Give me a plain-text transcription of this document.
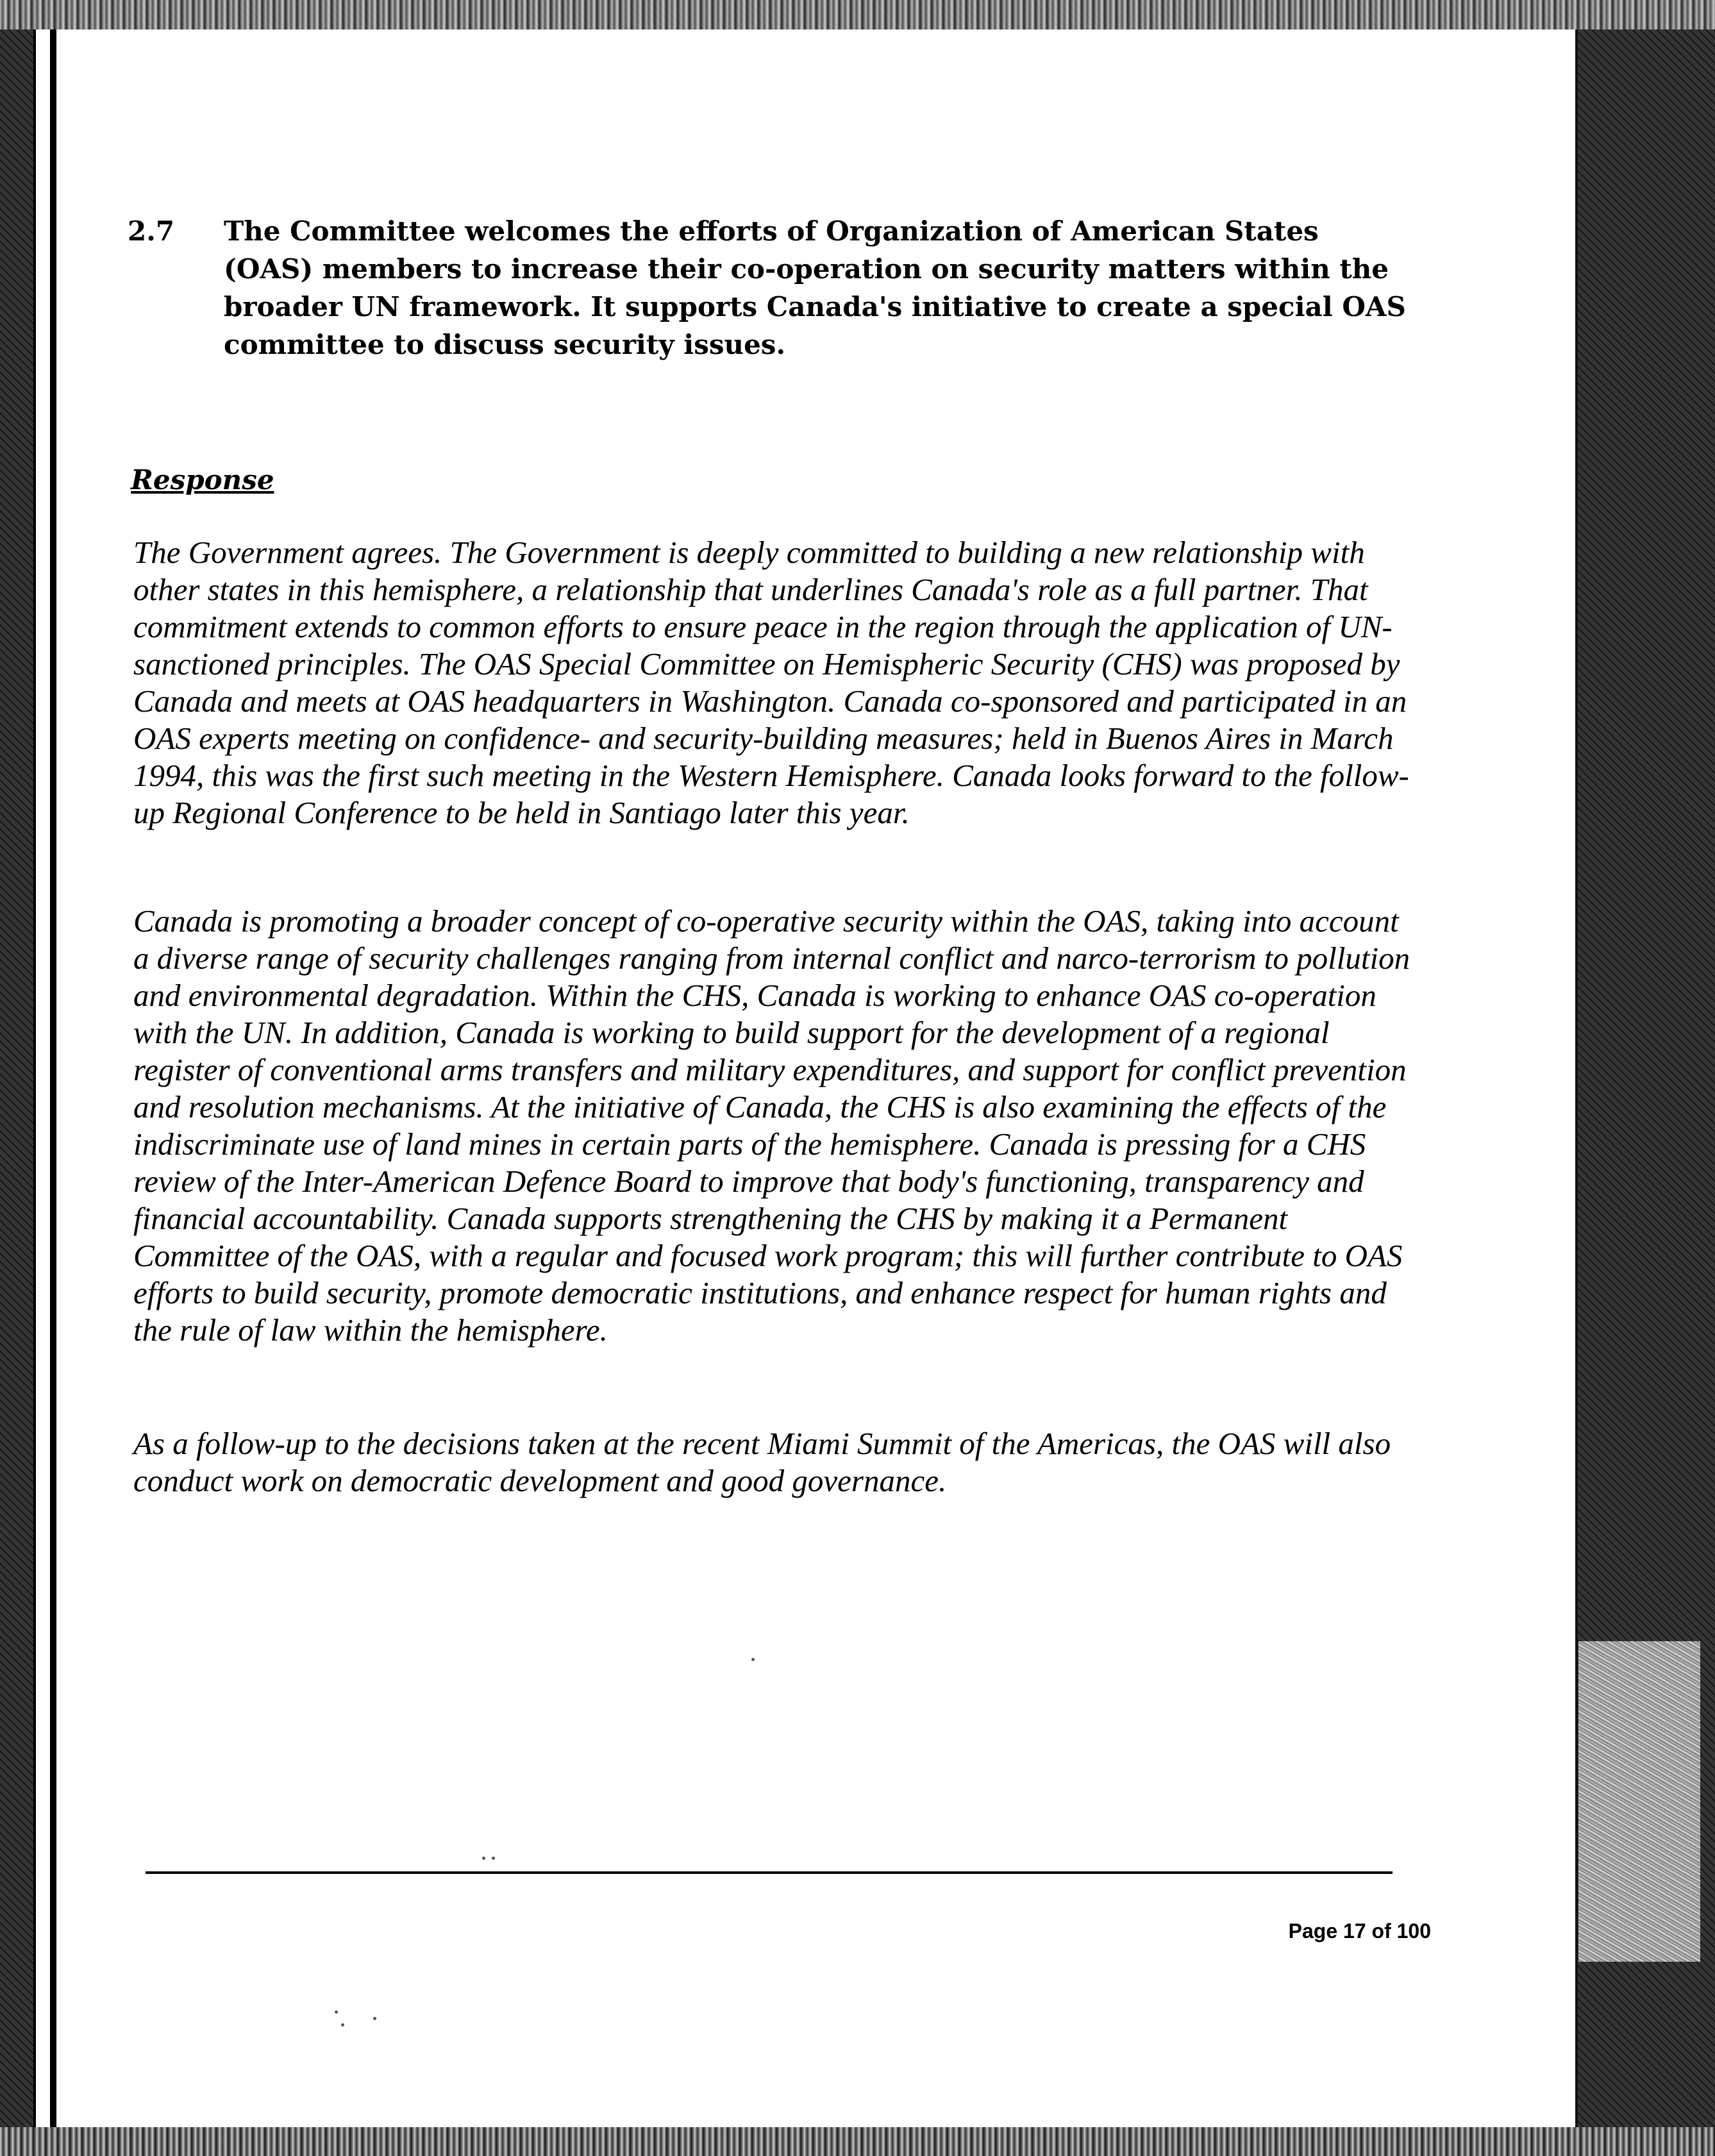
2.7	The Committee welcomes the efforts of Organization of American States (OAS) members to increase their co-operation on security matters within the broader UN framework. It supports Canada's initiative to create a special OAS committee to discuss security issues.
Response

The Government agrees. The Government is deeply committed to building a new relationship with other states in this hemisphere, a relationship that underlines Canada's role as a full partner. That commitment extends to common efforts to ensure peace in the region through the application of UN-sanctioned principles. The OAS Special Committee on Hemispheric Security (CHS) was proposed by Canada and meets at OAS headquarters in Washington. Canada co-sponsored and participated in an OAS experts meeting on confidence- and security-building measures; held in Buenos Aires in March 1994, this was the first such meeting in the Western Hemisphere. Canada looks forward to the follow-up Regional Conference to be held in Santiago later this year.

Canada is promoting a broader concept of co-operative security within the OAS, taking into account a diverse range of security challenges ranging from internal conflict and narco-terrorism to pollution and environmental degradation. Within the CHS, Canada is working to enhance OAS co-operation with the UN. In addition, Canada is working to build support for the development of a regional register of conventional arms transfers and military expenditures, and support for conflict prevention and resolution mechanisms. At the initiative of Canada, the CHS is also examining the effects of the indiscriminate use of land mines in certain parts of the hemisphere. Canada is pressing for a CHS review of the Inter-American Defence Board to improve that body's functioning, transparency and financial accountability. Canada supports strengthening the CHS by making it a Permanent Committee of the OAS, with a regular and focused work program; this will further contribute to OAS efforts to build security, promote democratic institutions, and enhance respect for human rights and the rule of law within the hemisphere.

As a follow-up to the decisions taken at the recent Miami Summit of the Americas, the OAS will also conduct work on democratic development and good governance.

Page 17 of 100
